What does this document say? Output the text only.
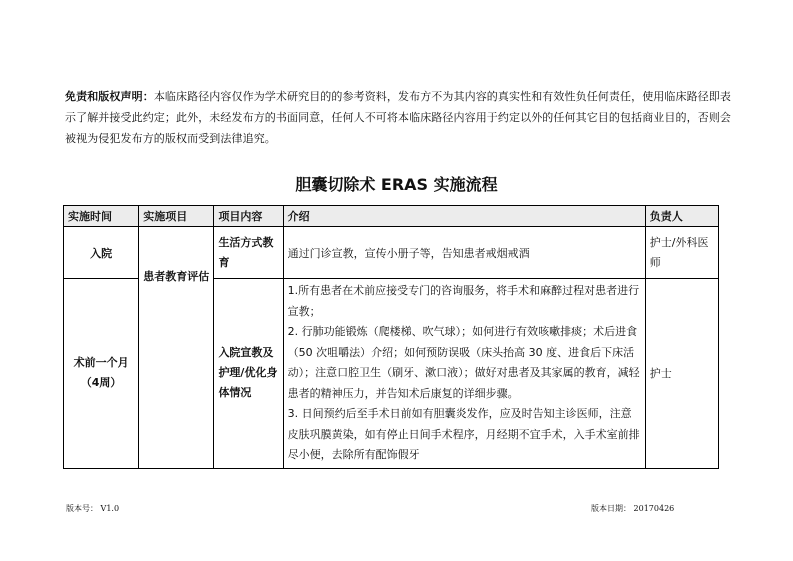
免责和版权声明：本临床路径内容仅作为学术研究目的的参考资料，发布方不为其内容的真实性和有效性负任何责任，使用临床路径即表示了解并接受此约定；此外，未经发布方的书面同意，任何人不可将本临床路径内容用于约定以外的任何其它目的包括商业目的，否则会被视为侵犯发布方的版权而受到法律追究。
胆囊切除术 ERAS 实施流程
实施时间	实施项目	项目内容	介绍	负责人
入院	患者教育评估	生活方式教育	通过门诊宣教，宣传小册子等，告知患者戒烟戒酒	护士/外科医师
术前一个月（4周）		入院宣教及护理/优化身体情况	1.所有患者在术前应接受专门的咨询服务，将手术和麻醉过程对患者进行宣教；
2. 行肺功能锻炼（爬楼梯、吹气球）；如何进行有效咳嗽排痰；术后进食（50 次咀嚼法）介绍；如何预防误吸（床头抬高 30 度、进食后下床活动）；注意口腔卫生（刷牙、漱口液）；做好对患者及其家属的教育，减轻患者的精神压力，并告知术后康复的详细步骤。
3. 日间预约后至手术日前如有胆囊炎发作，应及时告知主诊医师，注意皮肤巩膜黄染，如有停止日间手术程序，月经期不宜手术，入手术室前排尽小便，去除所有配饰假牙	护士
版本号： V1.0	版本日期： 20170426
